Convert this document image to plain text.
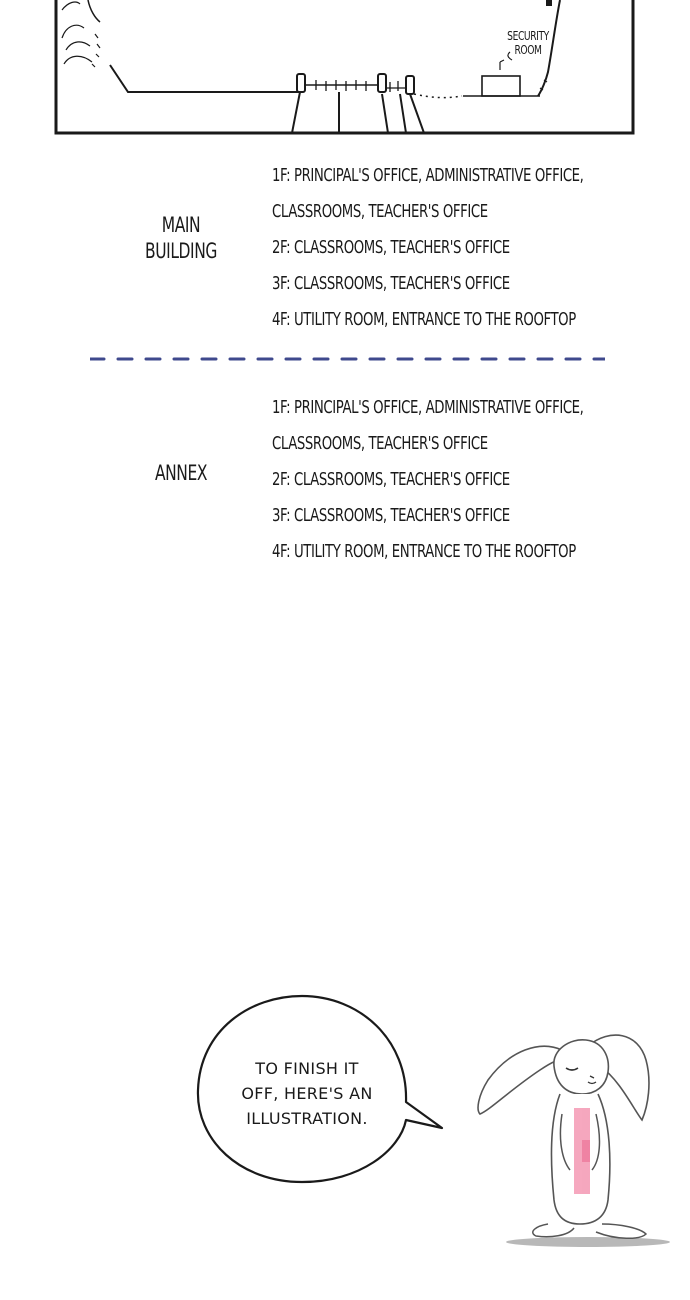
SECURITY
ROOM
MAIN
BUILDING
1F: PRINCIPAL'S OFFICE, ADMINISTRATIVE OFFICE,
CLASSROOMS, TEACHER'S OFFICE
2F: CLASSROOMS, TEACHER'S OFFICE
3F: CLASSROOMS, TEACHER'S OFFICE
4F: UTILITY ROOM, ENTRANCE TO THE ROOFTOP
ANNEX
1F: PRINCIPAL'S OFFICE, ADMINISTRATIVE OFFICE,
CLASSROOMS, TEACHER'S OFFICE
2F: CLASSROOMS, TEACHER'S OFFICE
3F: CLASSROOMS, TEACHER'S OFFICE
4F: UTILITY ROOM, ENTRANCE TO THE ROOFTOP
TO FINISH IT
OFF, HERE'S AN
ILLUSTRATION.
